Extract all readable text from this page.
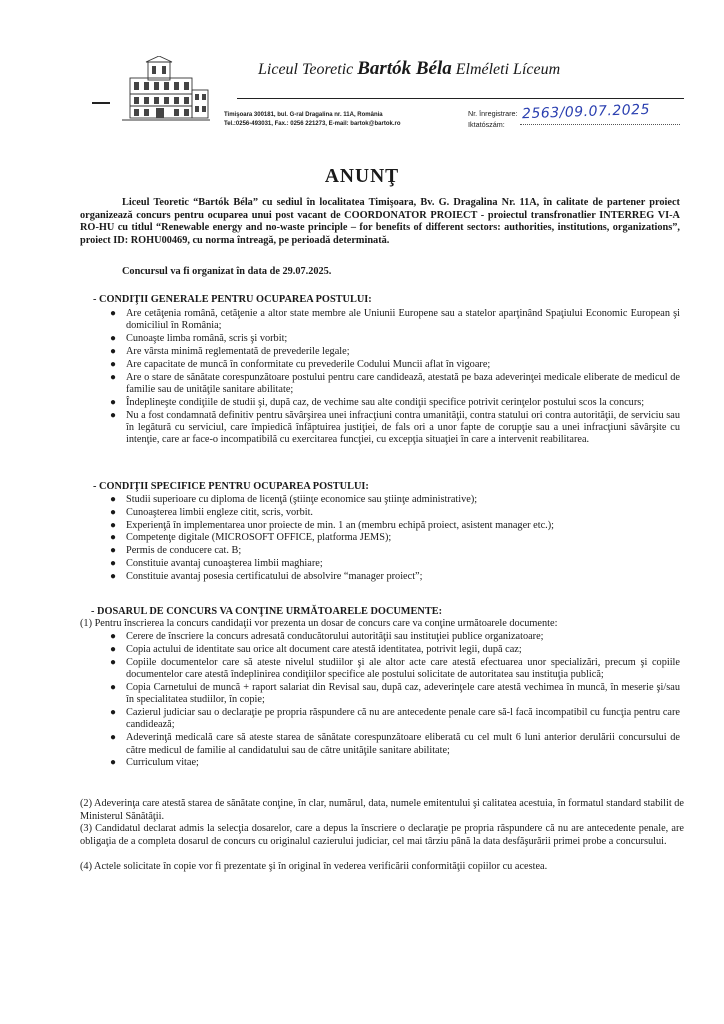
Liceul Teoretic Bartók Béla Elméleti Líceum
Timişoara 300181, bul. G-ral Dragalina nr. 11A, România
Tel.:0256-493031, Fax.: 0256 221273, E-mail: bartok@bartok.ro
Nr. înregistrare:
Iktatószám:
2563/09.07.2025
ANUNŢ
Liceul Teoretic “Bartók Béla” cu sediul în localitatea Timişoara, Bv. G. Dragalina Nr. 11A, în calitate de partener proiect organizează concurs pentru ocuparea unui post vacant de COORDONATOR PROIECT - proiectul transfronatlier INTERREG VI-A RO-HU cu titlul “Renewable energy and no-waste principle – for benefits of different sectors: authorities, institutions, organizations”, proiect ID: ROHU00469, cu norma întreagă, pe perioadă determinată.
Concursul va fi organizat în data de 29.07.2025.
- CONDIŢII GENERALE PENTRU OCUPAREA POSTULUI:
● Are cetăţenia română, cetăţenie a altor state membre ale Uniunii Europene sau a statelor aparţinând Spaţiului Economic European şi domiciliul în România;
● Cunoaşte limba română, scris şi vorbit;
● Are vârsta minimă reglementată de prevederile legale;
● Are capacitate de muncă în conformitate cu prevederile Codului Muncii aflat în vigoare;
● Are o stare de sănătate corespunzătoare postului pentru care candidează, atestată pe baza adeverinţei medicale eliberate de medicul de familie sau de unităţile sanitare abilitate;
● Îndeplineşte condiţiile de studii şi, după caz, de vechime sau alte condiţii specifice potrivit cerinţelor postului scos la concurs;
● Nu a fost condamnată definitiv pentru săvârşirea unei infracţiuni contra umanităţii, contra statului ori contra autorităţii, de serviciu sau în legătură cu serviciul, care împiedică înfăptuirea justiţiei, de fals ori a unor fapte de corupţie sau a unei infracţiuni săvârşite cu intenţie, care ar face-o incompatibilă cu exercitarea funcţiei, cu excepţia situaţiei în care a intervenit reabilitarea.
- CONDIŢII SPECIFICE PENTRU OCUPAREA POSTULUI:
● Studii superioare cu diploma de licenţă (ştiinţe economice sau ştiinţe administrative);
● Cunoaşterea limbii engleze citit, scris, vorbit.
● Experienţă în implementarea unor proiecte de min. 1 an (membru echipă proiect, asistent manager etc.);
● Competenţe digitale (MICROSOFT OFFICE, platforma JEMS);
● Permis de conducere cat. B;
● Constituie avantaj cunoaşterea limbii maghiare;
● Constituie avantaj posesia certificatului de absolvire “manager proiect”;
- DOSARUL DE CONCURS VA CONŢINE URMĂTOARELE DOCUMENTE:
(1) Pentru înscrierea la concurs candidaţii vor prezenta un dosar de concurs care va conţine următoarele documente:
● Cerere de înscriere la concurs adresată conducătorului autorităţii sau instituţiei publice organizatoare;
● Copia actului de identitate sau orice alt document care atestă identitatea, potrivit legii, după caz;
● Copiile documentelor care să ateste nivelul studiilor şi ale altor acte care atestă efectuarea unor specializări, precum şi copiile documentelor care atestă îndeplinirea condiţiilor specifice ale postului solicitate de autoritatea sau instituţia publică;
● Copia Carnetului de muncă + raport salariat din Revisal sau, după caz, adeverinţele care atestă vechimea în muncă, în meserie şi/sau în specialitatea studiilor, în copie;
● Cazierul judiciar sau o declaraţie pe propria răspundere că nu are antecedente penale care să-l facă incompatibil cu funcţia pentru care candidează;
● Adeverinţă medicală care să ateste starea de sănătate corespunzătoare eliberată cu cel mult 6 luni anterior derulării concursului de către medicul de familie al candidatului sau de către unităţile sanitare abilitate;
● Curriculum vitae;
(2) Adeverinţa care atestă starea de sănătate conţine, în clar, numărul, data, numele emitentului şi calitatea acestuia, în formatul standard stabilit de Ministerul Sănătăţii.
(3) Candidatul declarat admis la selecţia dosarelor, care a depus la înscriere o declaraţie pe propria răspundere că nu are antecedente penale, are obligaţia de a completa dosarul de concurs cu originalul cazierului judiciar, cel mai târziu până la data desfăşurării primei probe a concursului.
(4) Actele solicitate în copie vor fi prezentate şi în original în vederea verificării conformităţii copiilor cu acestea.
